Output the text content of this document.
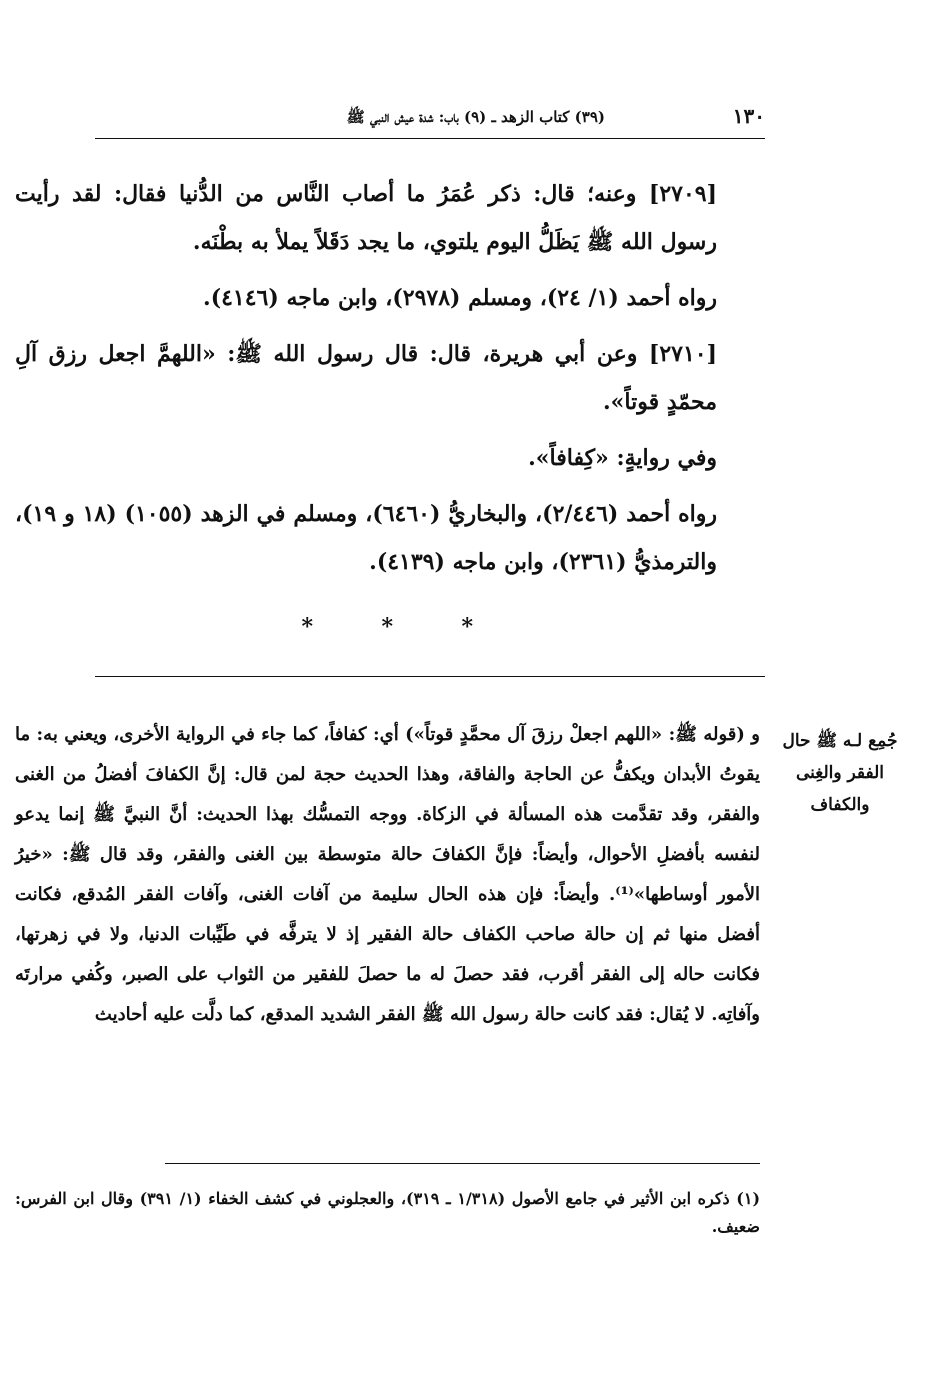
١٣٠
(٣٩) كتاب الزهد ـ (٩) باب: شدة عيش النبي ﷺ

[٢٧٠٩] وعنه؛ قال: ذكر عُمَرُ ما أصاب النَّاس من الدُّنيا فقال: لقد رأيت رسول الله ﷺ يَظَلُّ اليوم يلتوي، ما يجد دَقَلاً يملأ به بطْنَه.

رواه أحمد (١/ ٢٤)، ومسلم (٢٩٧٨)، وابن ماجه (٤١٤٦).

[٢٧١٠] وعن أبي هريرة، قال: قال رسول الله ﷺ: «اللهمَّ اجعل رزق آلِ محمّدٍ قوتاً».

وفي روايةٍ: «كِفافاً».

رواه أحمد (٢/٤٤٦)، والبخاريُّ (٦٤٦٠)، ومسلم في الزهد (١٠٥٥) (١٨ و ١٩)، والترمذيُّ (٢٣٦١)، وابن ماجه (٤١٣٩).

*
*
*
جُمِع لـه ﷺ حال الفقر والغِنى والكفاف

و (قوله ﷺ: «اللهم اجعلْ رزقَ آل محمَّدٍ قوتاً») أي: كفافاً، كما جاء في الرواية الأخرى، ويعني به: ما يقوتُ الأبدان ويكفُّ عن الحاجة والفاقة، وهذا الحديث حجة لمن قال: إنَّ الكفافَ أفضلُ من الغنى والفقر، وقد تقدَّمت هذه المسألة في الزكاة. ووجه التمسُّك بهذا الحديث: أنَّ النبيَّ ﷺ إنما يدعو لنفسه بأفضلِ الأحوال، وأيضاً: فإنَّ الكفافَ حالة متوسطة بين الغنى والفقر، وقد قال ﷺ: «خيرُ الأمور أوساطها»⁽¹⁾. وأيضاً: فإن هذه الحال سليمة من آفات الغنى، وآفات الفقر المُدقع، فكانت أفضل منها ثم إن حالة صاحب الكفاف حالة الفقير إذ لا يترفَّه في طَيِّبات الدنيا، ولا في زهرتها، فكانت حاله إلى الفقر أقرب، فقد حصلَ له ما حصلَ للفقير من الثواب على الصبر، وكُفي مرارتَه وآفاتِه. لا يُقال: فقد كانت حالة رسول الله ﷺ الفقر الشديد المدقع، كما دلَّت عليه أحاديث

(١) ذكره ابن الأثير في جامع الأصول (١/٣١٨ ـ ٣١٩)، والعجلوني في كشف الخفاء (١/ ٣٩١) وقال ابن الفرس: ضعيف.
